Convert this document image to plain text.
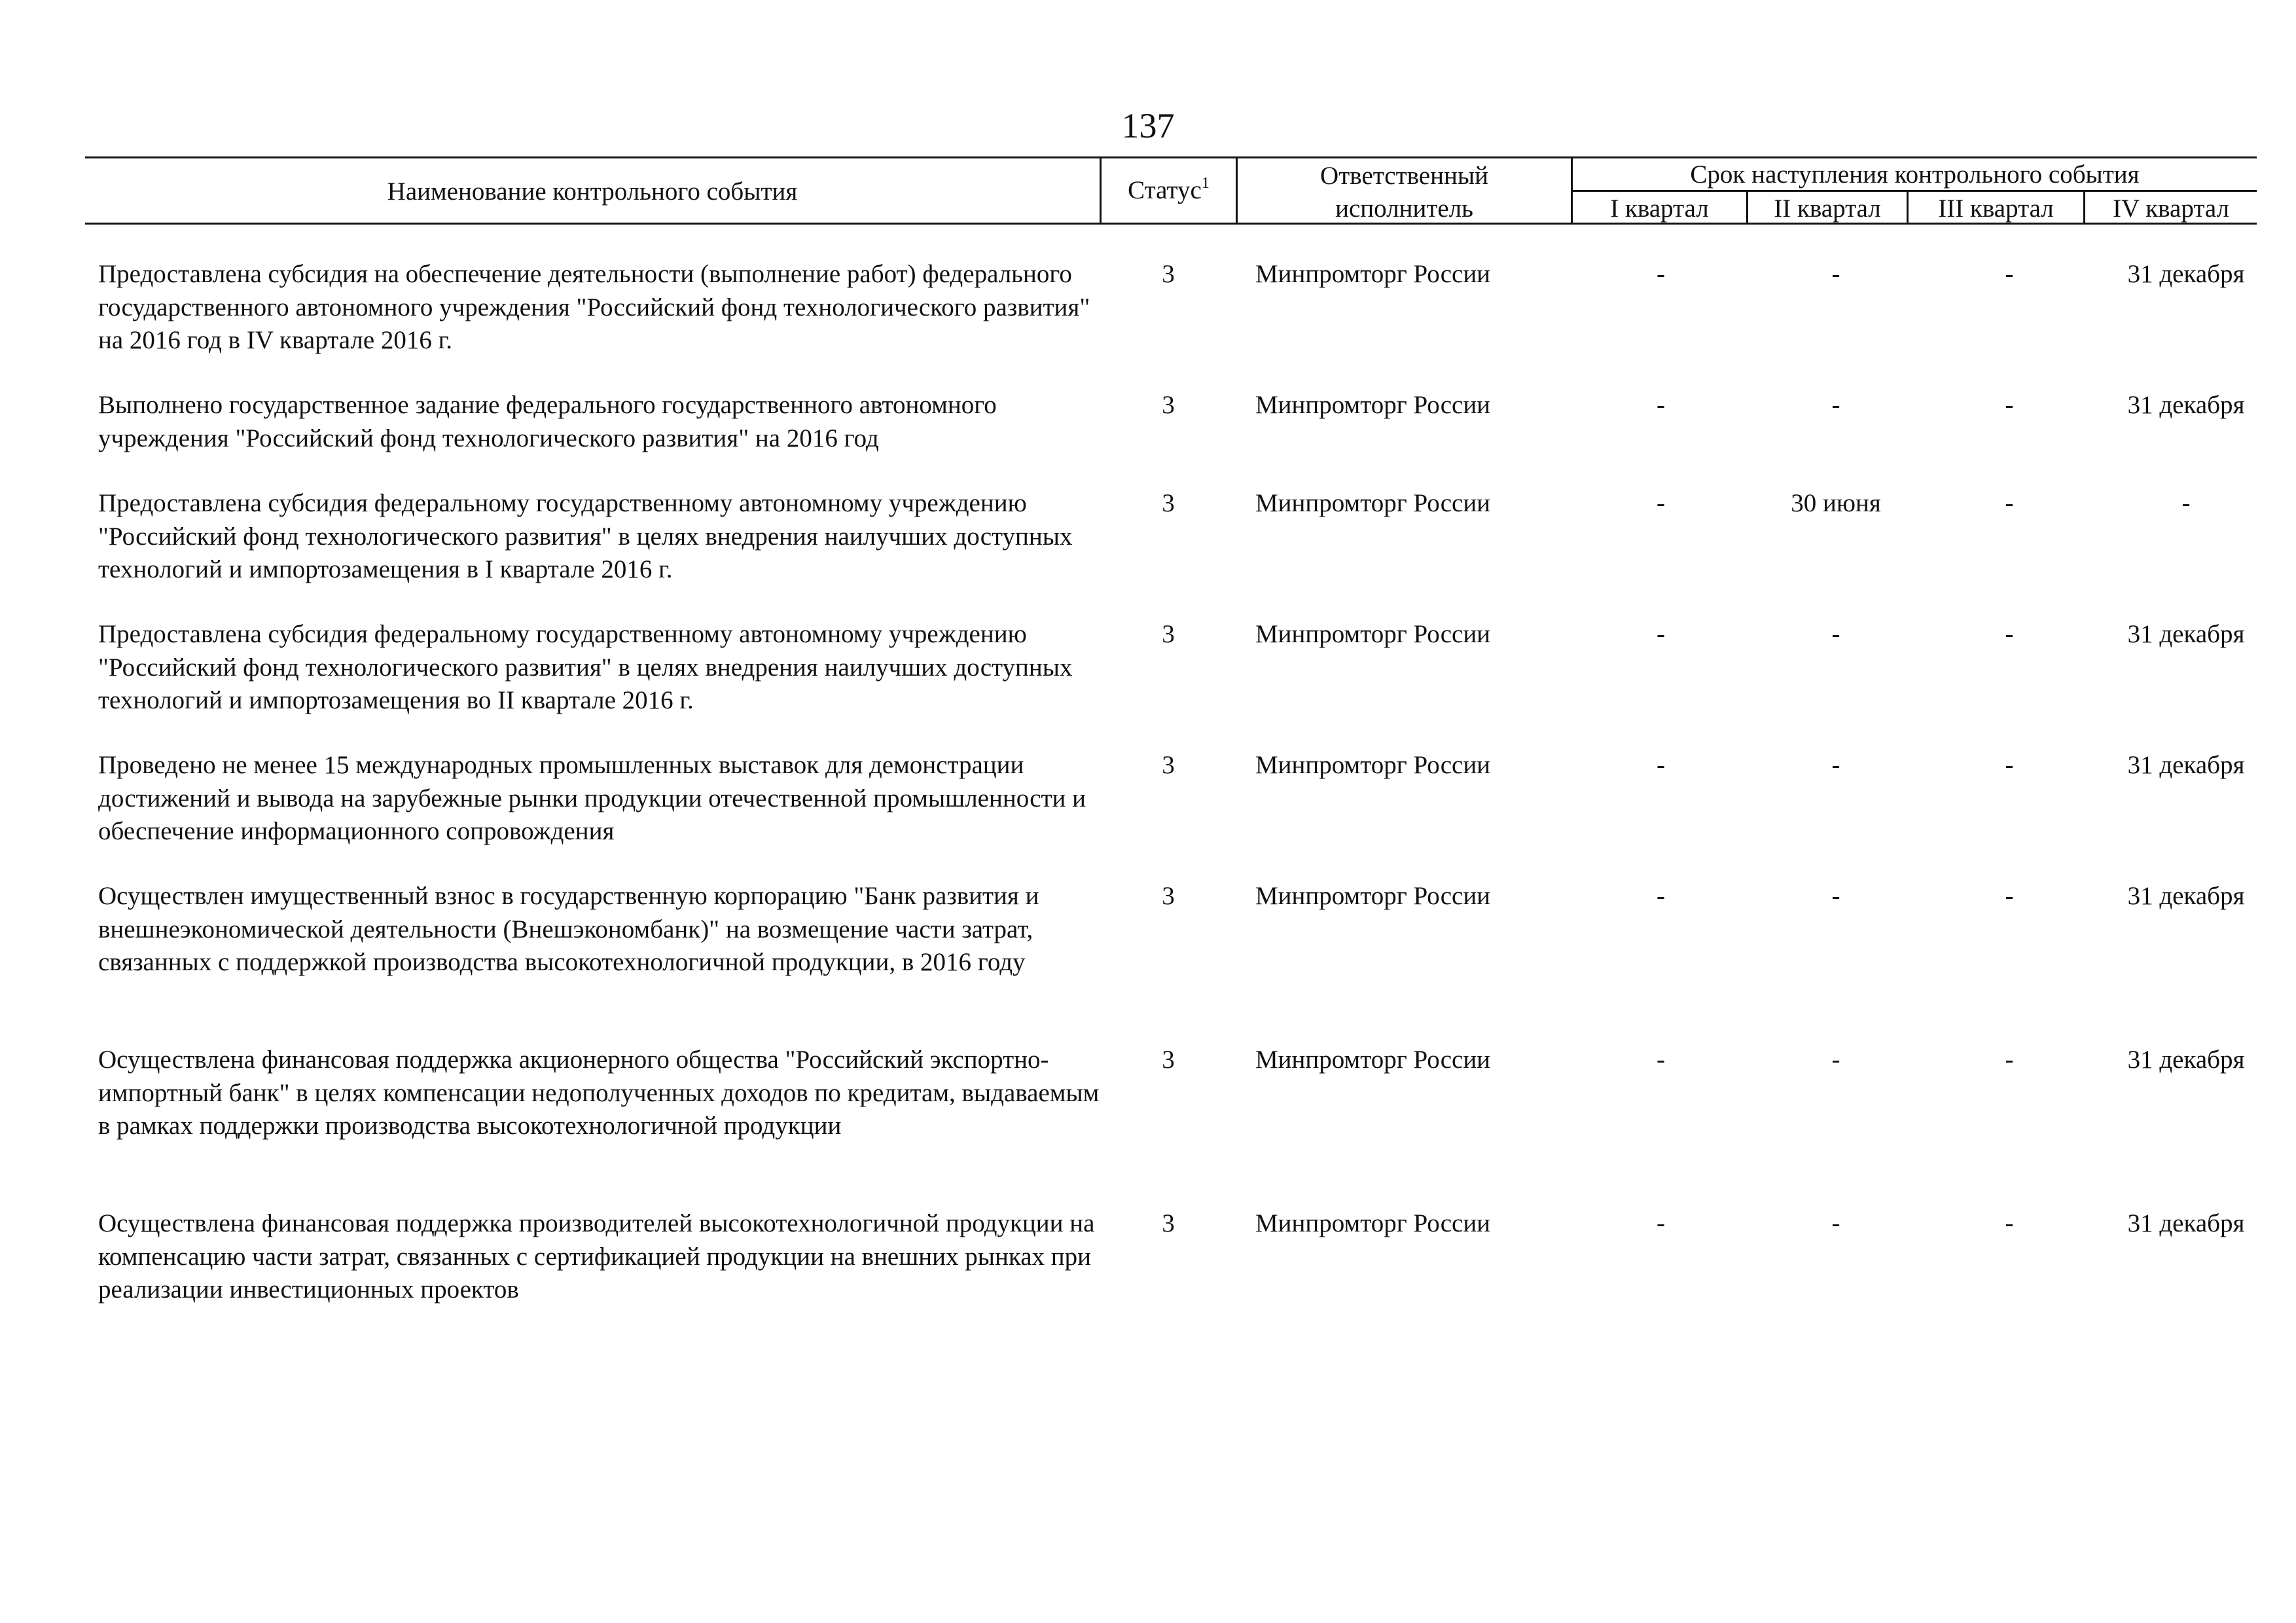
137
Наименование контрольного события	Статус$^1$	Ответственный
исполнитель
Срок наступления контрольного события
I квартал	II квартал	III квартал	IV квартал
Предоставлена субсидия на обеспечение деятельности (выполнение работ) федерального государственного автономного учреждения "Российский фонд технологического развития" на 2016 год в IV квартале 2016 г.
3	Минпромторг России	-	-	-	31 декабря
Выполнено государственное задание федерального государственного автономного учреждения "Российский фонд технологического развития" на 2016 год
3	Минпромторг России	-	-	-	31 декабря
Предоставлена субсидия федеральному государственному автономному учреждению "Российский фонд технологического развития" в целях внедрения наилучших доступных технологий и импортозамещения в I квартале 2016 г.
3	Минпромторг России	-	30 июня	-	-
Предоставлена субсидия федеральному государственному автономному учреждению "Российский фонд технологического развития" в целях внедрения наилучших доступных технологий и импортозамещения во II квартале 2016 г.
3	Минпромторг России	-	-	-	31 декабря
Проведено не менее 15 международных промышленных выставок для демонстрации достижений и вывода на зарубежные рынки продукции отечественной промышленности и обеспечение информационного сопровождения
3	Минпромторг России	-	-	-	31 декабря
Осуществлен имущественный взнос в государственную корпорацию "Банк развития и внешнеэкономической деятельности (Внешэкономбанк)" на возмещение части затрат, связанных с поддержкой производства высокотехнологичной продукции, в 2016 году
3	Минпромторг России	-	-	-	31 декабря
Осуществлена финансовая поддержка акционерного общества "Российский экспортно-импортный банк" в целях компенсации недополученных доходов по кредитам, выдаваемым в рамках поддержки производства высокотехнологичной продукции
3	Минпромторг России	-	-	-	31 декабря
Осуществлена финансовая поддержка производителей высокотехнологичной продукции на компенсацию части затрат, связанных с сертификацией продукции на внешних рынках при реализации инвестиционных проектов
3	Минпромторг России	-	-	-	31 декабря
